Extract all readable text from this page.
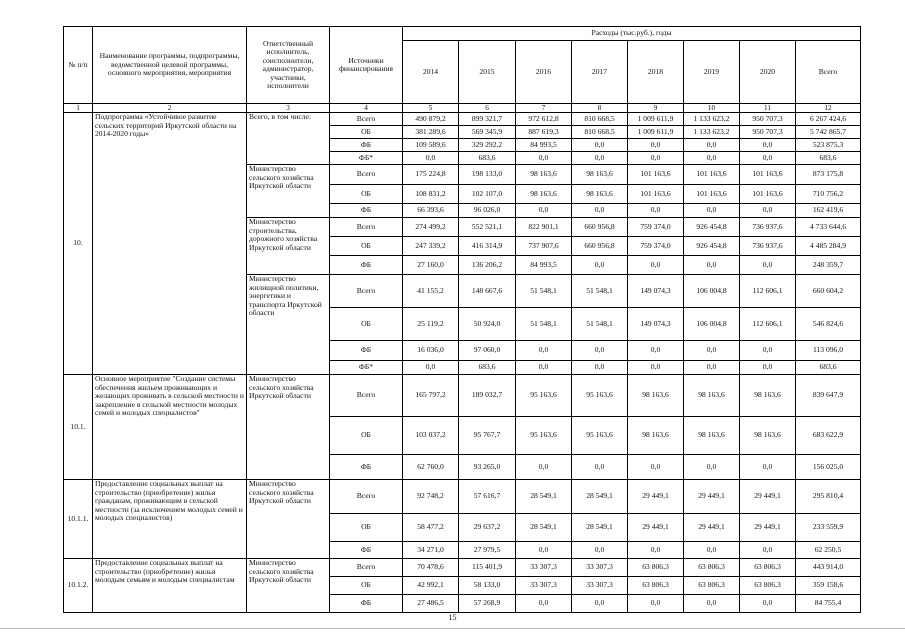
№ п/п	Наименование программы, подпрограммы, ведомственной целевой программы, основного мероприятия, мероприятия	Ответственный исполнитель, соисполнители, администратор, участники, исполнители	Источники финансирования	Расходы (тыс.руб.), годы							
				2014	2015	2016	2017	2018	2019	2020	Всего
1	2	3	4	5	6	7	8	9	10	11	12
10.	Подпрограмма «Устойчивое развитие сельских территорий Иркутской области на 2014-2020 годы»	Всего, в том числе:	Всего	490 879,2	899 321,7	972 612,8	810 668,5	1 009 611,9	1 133 623,2	950 707,3	6 267 424,6
			ОБ	381 289,6	569 345,9	887 619,3	810 668,5	1 009 611,9	1 133 623,2	950 707,3	5 742 865,7
			ФБ	109 589,6	329 292,2	84 993,5	0,0	0,0	0,0	0,0	523 875,3
			ФБ*	0,0	683,6	0,0	0,0	0,0	0,0	0,0	683,6
		Министерство сельского хозяйства Иркутской области	Всего	175 224,8	198 133,0	98 163,6	98 163,6	101 163,6	101 163,6	101 163,6	873 175,8
			ОБ	108 831,2	102 107,0	98 163,6	98 163,6	101 163,6	101 163,6	101 163,6	710 756,2
			ФБ	66 393,6	96 026,0	0,0	0,0	0,0	0,0	0,0	162 419,6
		Министерство строительства, дорожного хозяйства Иркутской области	Всего	274 499,2	552 521,1	822 901,1	660 956,8	759 374,0	926 454,8	736 937,6	4 733 644,6
			ОБ	247 339,2	416 314,9	737 907,6	660 956,8	759 374,0	926 454,8	736 937,6	4 485 284,9
			ФБ	27 160,0	136 206,2	84 993,5	0,0	0,0	0,0	0,0	248 359,7
		Министерство жилищной политики, энергетики и транспорта Иркутской области	Всего	41 155,2	148 667,6	51 548,1	51 548,1	149 074,3	106 004,8	112 606,1	660 604,2
			ОБ	25 119,2	50 924,0	51 548,1	51 548,1	149 074,3	106 004,8	112 606,1	546 824,6
			ФБ	16 036,0	97 060,0	0,0	0,0	0,0	0,0	0,0	113 096,0
			ФБ*	0,0	683,6	0,0	0,0	0,0	0,0	0,0	683,6
10.1.	Основное мероприятие "Создание системы обеспечения жильем проживающих и желающих проживать в сельской местности и закрепление в сельской местности молодых семей и молодых специалистов"	Министерство сельского хозяйства Иркутской области	Всего	165 797,2	189 032,7	95 163,6	95 163,6	98 163,6	98 163,6	98 163,6	839 647,9
			ОБ	103 037,2	95 767,7	95 163,6	95 163,6	98 163,6	98 163,6	98 163,6	683 622,9
			ФБ	62 760,0	93 265,0	0,0	0,0	0,0	0,0	0,0	156 025,0
10.1.1.	Предоставление социальных выплат на строительство (приобретение) жилья гражданам, проживающим в сельской местности (за исключением молодых семей и молодых специалистов)	Министерство сельского хозяйства Иркутской области	Всего	92 748,2	57 616,7	28 549,1	28 549,1	29 449,1	29 449,1	29 449,1	295 810,4
			ОБ	58 477,2	29 637,2	28 549,1	28 549,1	29 449,1	29 449,1	29 449,1	233 559,9
			ФБ	34 271,0	27 979,5	0,0	0,0	0,0	0,0	0,0	62 250,5
10.1.2.	Предоставление социальных выплат на строительство (приобретение) жилья молодым семьям и молодым специалистам	Министерство сельского хозяйства Иркутской области	Всего	70 478,6	115 401,9	33 307,3	33 307,3	63 806,3	63 806,3	63 806,3	443 914,0
			ОБ	42 992,1	58 133,0	33 307,3	33 307,3	63 806,3	63 806,3	63 806,3	359 158,6
			ФБ	27 486,5	57 268,9	0,0	0,0	0,0	0,0	0,0	84 755,4
15
